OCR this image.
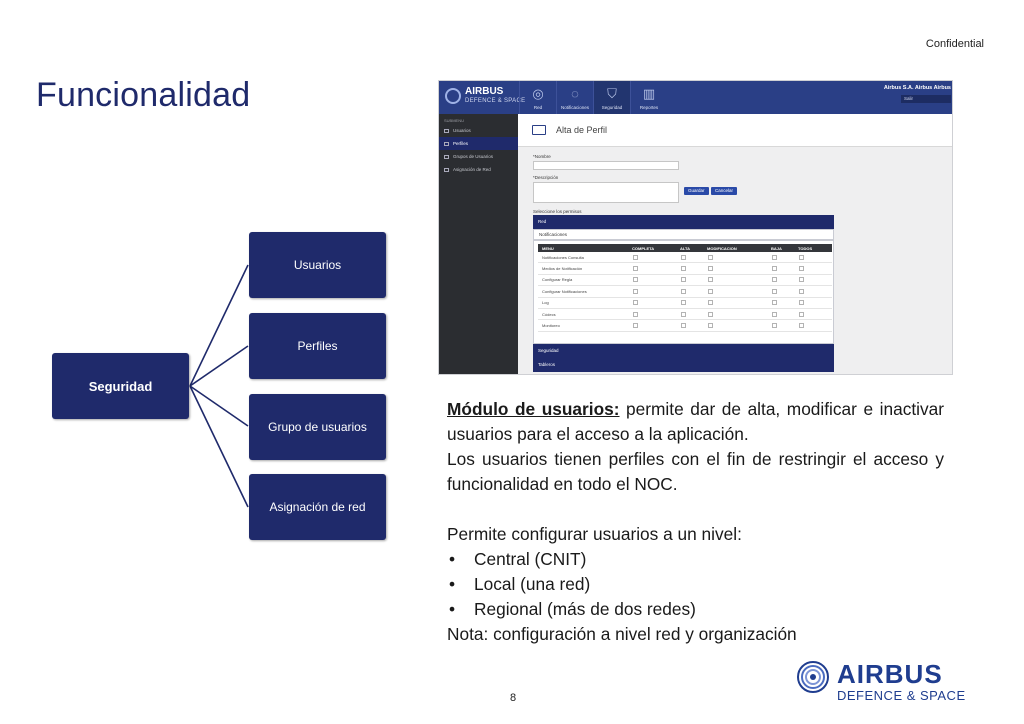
Confidential
Funcionalidad
Seguridad
Usuarios
Perfiles
Grupo de usuarios
Asignación de red
AIRBUS
DEFENCE & SPACE ◎
Red
◌
Notificaciones
⛉
Seguridad
▥
Reportes
Airbus S.A. Airbus Airbus
Salir
SUBMENU
Usuarios
Perfiles
Grupos de Usuarios
Asignación de Red
Alta de Perfil
*Nombre
*Descripción
Guardar	Cancelar
Seleccione los permisos
Red
Notificaciones
MENU	COMPLETA	ALTA	MODIFICACION	BAJA	TODOS
Notificaciones Consulta
Medios de Notificación
Configurar Regla
Configurar Notificaciones
Log
Códecs
Monitoreo
Seguridad
Tableros

Módulo de usuarios: permite dar de alta, modificar e inactivar usuarios para el acceso a la aplicación.

Los usuarios tienen perfiles con el fin de restringir el acceso y funcionalidad en todo el NOC.

Permite configurar usuarios a un nivel:

• Central (CNIT)
• Local (una red)
• Regional (más de dos redes)

Nota: configuración a nivel red y organización

8
AIRBUS
DEFENCE & SPACE
